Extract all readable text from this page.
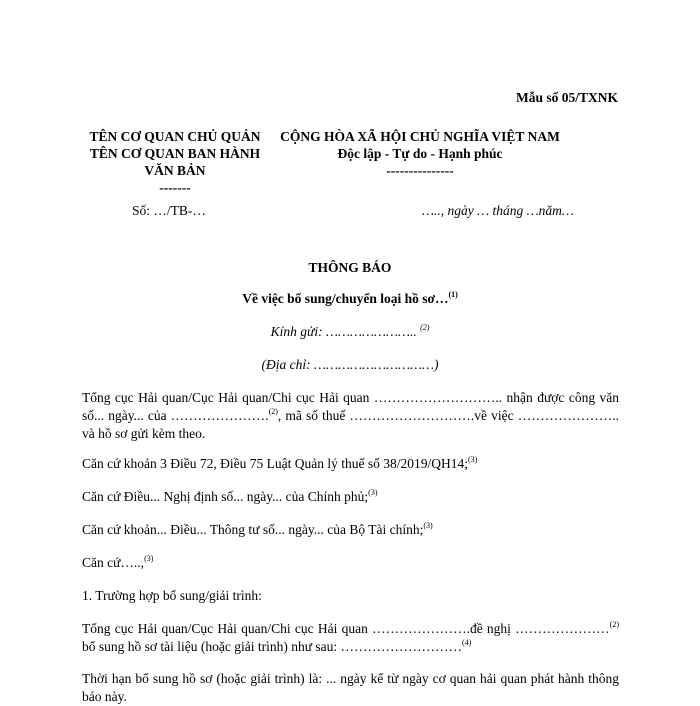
Mẫu số 05/TXNK
TÊN CƠ QUAN CHỦ QUẢN
TÊN CƠ QUAN BAN HÀNH
VĂN BẢN
-------
Số: …/TB-…
CỘNG HÒA XÃ HỘI CHỦ NGHĨA VIỆT NAM
Độc lập - Tự do - Hạnh phúc
---------------
….., ngày … tháng …năm…
THÔNG BÁO
Về việc bổ sung/chuyển loại hồ sơ…$^{(1)}$
Kính gửi: ………………….. $^{(2)}$
(Địa chỉ: …………………………)
Tổng cục Hải quan/Cục Hải quan/Chi cục Hải quan ……………………….. nhận được công văn số... ngày... của ………………….$^{(2)}$, mã số thuế ……………………….về việc ………………….. và hồ sơ gửi kèm theo.
Căn cứ khoản 3 Điều 72, Điều 75 Luật Quản lý thuế số 38/2019/QH14;$^{(3)}$
Căn cứ Điều... Nghị định số... ngày... của Chính phủ;$^{(3)}$
Căn cứ khoản... Điều... Thông tư số... ngày... của Bộ Tài chính;$^{(3)}$
Căn cứ…..,$^{(3)}$
1. Trường hợp bổ sung/giải trình:
Tổng cục Hải quan/Cục Hải quan/Chi cục Hải quan ………………….đề nghị …………………$^{(2)}$ bổ sung hồ sơ tài liệu (hoặc giải trình) như sau: ………………………$^{(4)}$
Thời hạn bổ sung hồ sơ (hoặc giải trình) là: ... ngày kể từ ngày cơ quan hải quan phát hành thông báo này.
